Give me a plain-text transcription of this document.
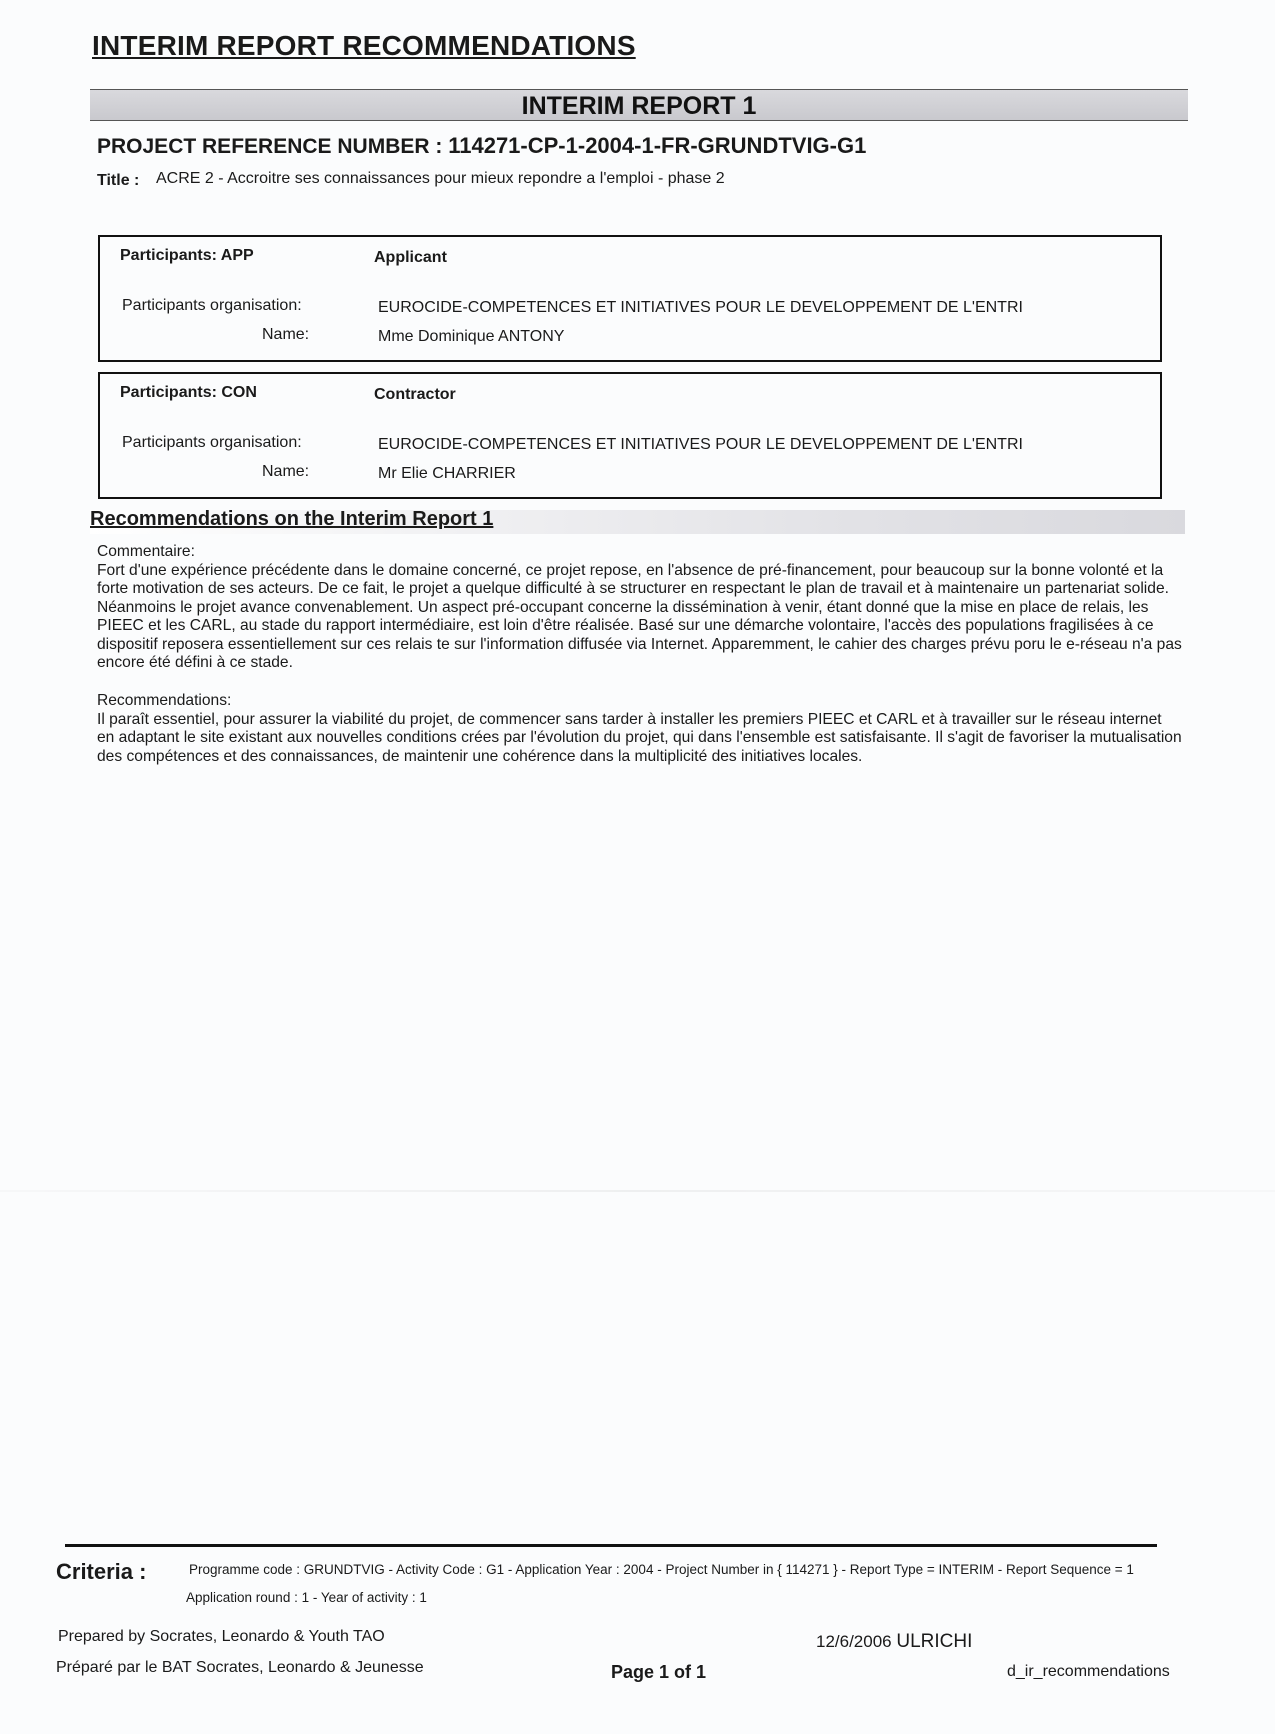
INTERIM REPORT RECOMMENDATIONS
INTERIM REPORT 1
PROJECT REFERENCE NUMBER : 114271-CP-1-2004-1-FR-GRUNDTVIG-G1
Title : ACRE 2 - Accroitre ses connaissances pour mieux repondre a l'emploi - phase 2
Participants: APP	Applicant
Participants organisation:	EUROCIDE-COMPETENCES ET INITIATIVES POUR LE DEVELOPPEMENT DE L'ENTRI
Name:	Mme Dominique ANTONY
Participants: CON	Contractor
Participants organisation:	EUROCIDE-COMPETENCES ET INITIATIVES POUR LE DEVELOPPEMENT DE L'ENTRI
Name:	Mr Elie CHARRIER
Recommendations on the Interim Report 1
Commentaire:
Fort d'une expérience précédente dans le domaine concerné, ce projet repose, en l'absence de pré-financement, pour beaucoup sur la bonne volonté et la forte motivation de ses acteurs. De ce fait, le projet a quelque difficulté à se structurer en respectant le plan de travail et à maintenaire un partenariat solide. Néanmoins le projet avance convenablement. Un aspect pré-occupant concerne la dissémination à venir, étant donné que la mise en place de relais, les PIEEC et les CARL, au stade du rapport intermédiaire, est loin d'être réalisée. Basé sur une démarche volontaire, l'accès des populations fragilisées à ce dispositif reposera essentiellement sur ces relais te sur l'information diffusée via Internet. Apparemment, le cahier des charges prévu poru le e-réseau n'a pas encore été défini à ce stade.
Recommendations:
Il paraît essentiel, pour assurer la viabilité du projet, de commencer sans tarder à installer les premiers PIEEC et CARL et à travailler sur le réseau internet en adaptant le site existant aux nouvelles conditions crées par l'évolution du projet, qui dans l'ensemble est satisfaisante. Il s'agit de favoriser la mutualisation des compétences et des connaissances, de maintenir une cohérence dans la multiplicité des initiatives locales.
Criteria :	Programme code : GRUNDTVIG - Activity Code : G1 - Application Year : 2004 - Project Number in { 114271 } - Report Type = INTERIM - Report Sequence = 1
Application round : 1 - Year of activity : 1
Prepared by Socrates, Leonardo & Youth TAO
Préparé par le BAT Socrates, Leonardo & Jeunesse
12/6/2006 ULRICHI
Page 1 of 1	d_ir_recommendations
